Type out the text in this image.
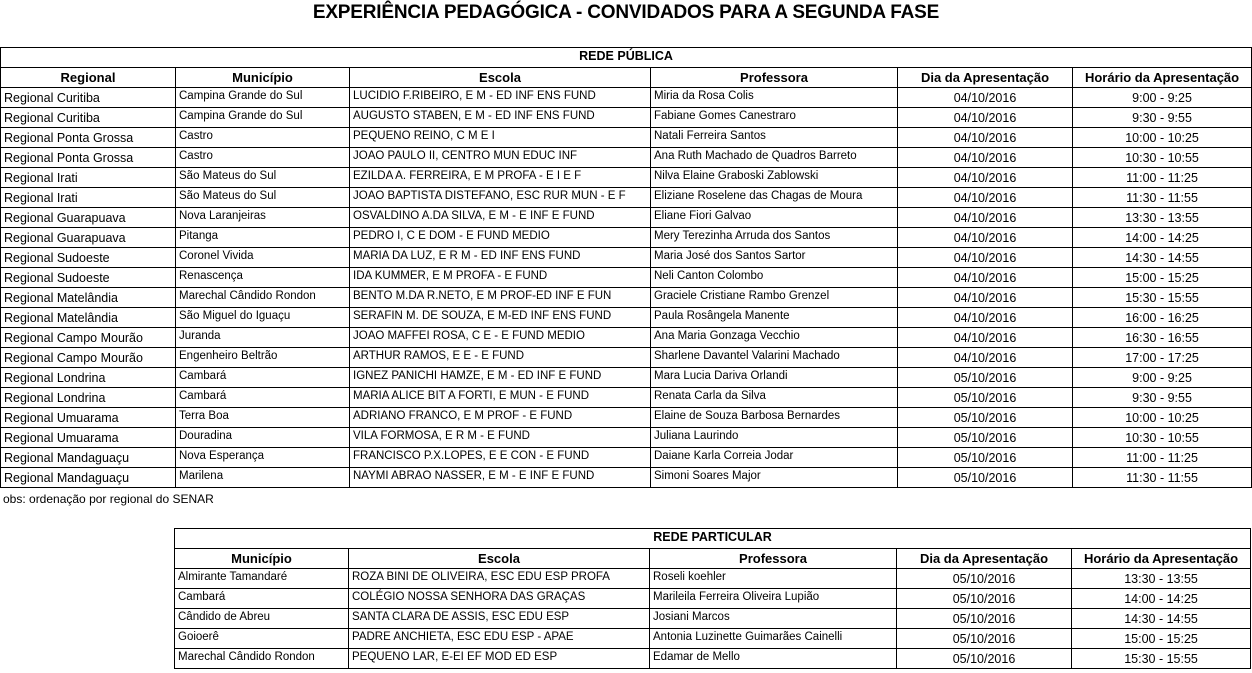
EXPERIÊNCIA PEDAGÓGICA - CONVIDADOS PARA A SEGUNDA FASE
REDE PÚBLICA					
Regional	Município	Escola	Professora	Dia da Apresentação	Horário da Apresentação
Regional Curitiba	Campina Grande do Sul	LUCIDIO F.RIBEIRO, E M - ED INF ENS FUND	Miria da Rosa Colis	04/10/2016	9:00 - 9:25
Regional Curitiba	Campina Grande do Sul	AUGUSTO STABEN, E M - ED INF ENS FUND	Fabiane Gomes Canestraro	04/10/2016	9:30 - 9:55
Regional Ponta Grossa	Castro	PEQUENO REINO, C M E I	Natali Ferreira Santos	04/10/2016	10:00 - 10:25
Regional Ponta Grossa	Castro	JOAO PAULO II, CENTRO MUN EDUC INF	Ana Ruth Machado de Quadros Barreto	04/10/2016	10:30 - 10:55
Regional Irati	São Mateus do Sul	EZILDA A. FERREIRA, E M PROFA - E I E F	Nilva Elaine Graboski Zablowski	04/10/2016	11:00 - 11:25
Regional Irati	São Mateus do Sul	JOAO BAPTISTA DISTEFANO, ESC RUR MUN - E F	Eliziane Roselene das Chagas de Moura	04/10/2016	11:30 - 11:55
Regional Guarapuava	Nova Laranjeiras	OSVALDINO A.DA SILVA, E M - E INF E FUND	Eliane Fiori Galvao	04/10/2016	13:30 - 13:55
Regional Guarapuava	Pitanga	PEDRO I, C E DOM - E FUND MEDIO	Mery Terezinha Arruda dos Santos	04/10/2016	14:00 - 14:25
Regional Sudoeste	Coronel Vivida	MARIA DA LUZ, E R M - ED INF ENS FUND	Maria José dos Santos Sartor	04/10/2016	14:30 - 14:55
Regional Sudoeste	Renascença	IDA KUMMER, E M PROFA - E FUND	Neli Canton Colombo	04/10/2016	15:00 - 15:25
Regional Matelândia	Marechal Cândido Rondon	BENTO M.DA R.NETO, E M PROF-ED INF E FUN	Graciele Cristiane Rambo Grenzel	04/10/2016	15:30 - 15:55
Regional Matelândia	São Miguel do Iguaçu	SERAFIN M. DE SOUZA, E M-ED INF ENS FUND	Paula Rosângela Manente	04/10/2016	16:00 - 16:25
Regional Campo Mourão	Juranda	JOAO MAFFEI ROSA, C E - E FUND MEDIO	Ana Maria Gonzaga Vecchio	04/10/2016	16:30 - 16:55
Regional Campo Mourão	Engenheiro Beltrão	ARTHUR RAMOS, E E - E FUND	Sharlene Davantel Valarini Machado	04/10/2016	17:00 - 17:25
Regional Londrina	Cambará	IGNEZ PANICHI HAMZE, E M - ED INF E FUND	Mara Lucia Dariva Orlandi	05/10/2016	9:00 - 9:25
Regional Londrina	Cambará	MARIA ALICE BIT A FORTI, E MUN - E FUND	Renata Carla da Silva	05/10/2016	9:30 - 9:55
Regional Umuarama	Terra Boa	ADRIANO FRANCO, E M PROF - E FUND	Elaine de Souza Barbosa Bernardes	05/10/2016	10:00 - 10:25
Regional Umuarama	Douradina	VILA FORMOSA, E R M - E FUND	Juliana Laurindo	05/10/2016	10:30 - 10:55
Regional Mandaguaçu	Nova Esperança	FRANCISCO P.X.LOPES, E E CON - E FUND	Daiane Karla Correia Jodar	05/10/2016	11:00 - 11:25
Regional Mandaguaçu	Marilena	NAYMI ABRAO NASSER, E M - E INF E FUND	Simoni Soares Major	05/10/2016	11:30 - 11:55
obs: ordenação por regional do SENAR
REDE PARTICULAR				
Município	Escola	Professora	Dia da Apresentação	Horário da Apresentação
Almirante Tamandaré	ROZA BINI DE OLIVEIRA, ESC EDU ESP PROFA	Roseli koehler	05/10/2016	13:30 - 13:55
Cambará	COLÉGIO NOSSA SENHORA DAS GRAÇAS	Marileila Ferreira Oliveira Lupião	05/10/2016	14:00 - 14:25
Cândido de Abreu	SANTA CLARA DE ASSIS, ESC EDU ESP	Josiani Marcos	05/10/2016	14:30 - 14:55
Goioerê	PADRE ANCHIETA, ESC EDU ESP - APAE	Antonia Luzinette Guimarães Cainelli	05/10/2016	15:00 - 15:25
Marechal Cândido Rondon	PEQUENO LAR, E-EI EF MOD ED ESP	Edamar de Mello	05/10/2016	15:30 - 15:55
